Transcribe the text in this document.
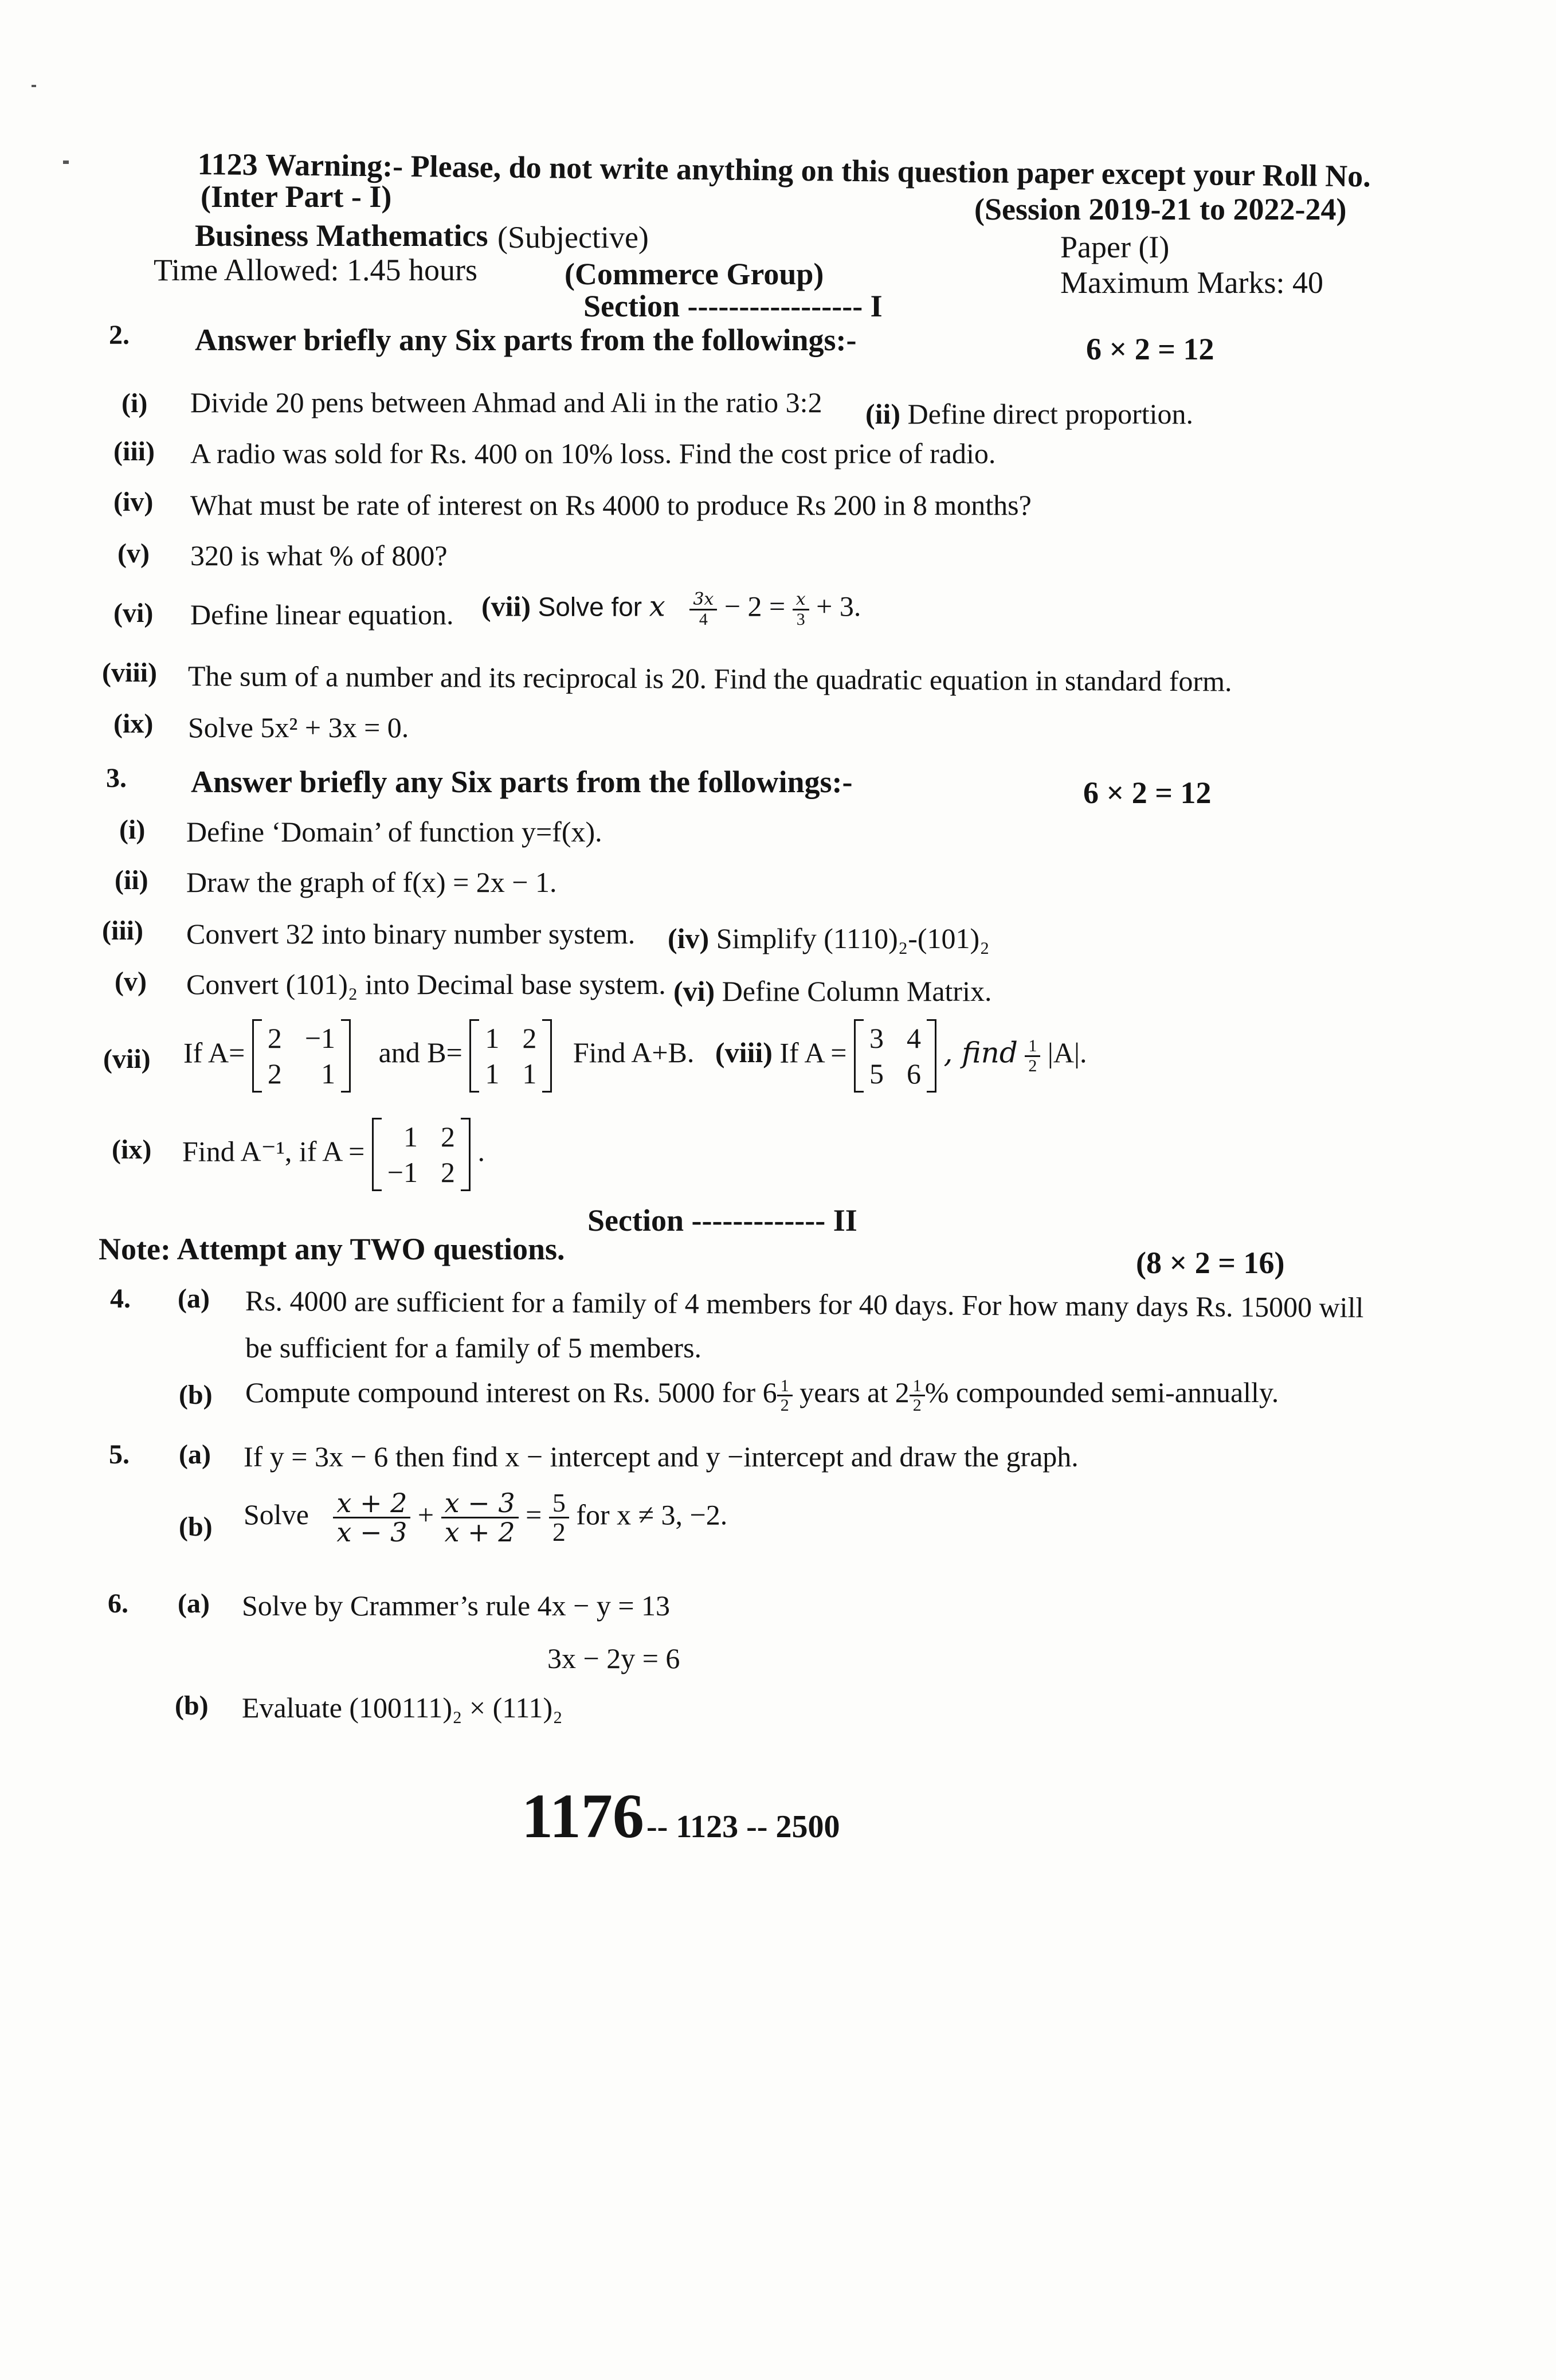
1123 Warning:- Please, do not write anything on this question paper except your Roll No.
(Inter Part - I)	(Session 2019-21 to 2022-24)
Business Mathematics (Subjective)	Paper (I)
Time Allowed: 1.45 hours	(Commerce Group)	Maximum Marks: 40
Section ----------------- I
2. Answer briefly any Six parts from the followings:-	6 × 2 = 12
(i) Divide 20 pens between Ahmad and Ali in the ratio 3:2 (ii) Define direct proportion.
(iii) A radio was sold for Rs. 400 on 10% loss. Find the cost price of radio.
(iv) What must be rate of interest on Rs 4000 to produce Rs 200 in 8 months?
(v) 320 is what % of 800?
(vi) Define linear equation. (vii) Solve for x $\frac{3x}{4} - 2 = \frac{x}{3} + 3$.
(viii) The sum of a number and its reciprocal is 20. Find the quadratic equation in standard form.
(ix) Solve 5x² + 3x = 0.
3. Answer briefly any Six parts from the followings:-	6 × 2 = 12
(i) Define ‘Domain’ of function y=f(x).
(ii) Draw the graph of f(x) = 2x − 1.
(iii) Convert 32 into binary number system. (iv) Simplify (1110)₂-(101)₂
(v) Convert (101)₂ into Decimal base system. (vi) Define Column Matrix.
(vii) If A= 2 −1
2	1
and B= 1 2
1 1
Find A+B. (viii) If A = 3 4
5 6
, find $\frac{1}{2} |A|$.
(ix) Find A⁻¹, if A =	1 2
−1 2
.
Section ------------- II
Note: Attempt any TWO questions.	(8 × 2 = 16)
4. (a) Rs. 4000 are sufficient for a family of 4 members for 40 days. For how many days Rs. 15000 will
be sufficient for a family of 5 members.
(b) Compute compound interest on Rs. 5000 for $6 \frac{1}{2}$ years at $2 \frac{1}{2}$ % compounded semi-annually.
5. (a) If y = 3x − 6 then find x − intercept and y −intercept and draw the graph.
(b) Solve $\frac{x + 2}{x - 3} + \frac{x - 3}{x + 2} = \frac{5}{2}$ for x ≠ 3, −2.
6. (a) Solve by Crammer’s rule 4x − y = 13
3x − 2y = 6
(b) Evaluate (100111)₂ × (111)₂
1176 -- 1123 -- 2500
